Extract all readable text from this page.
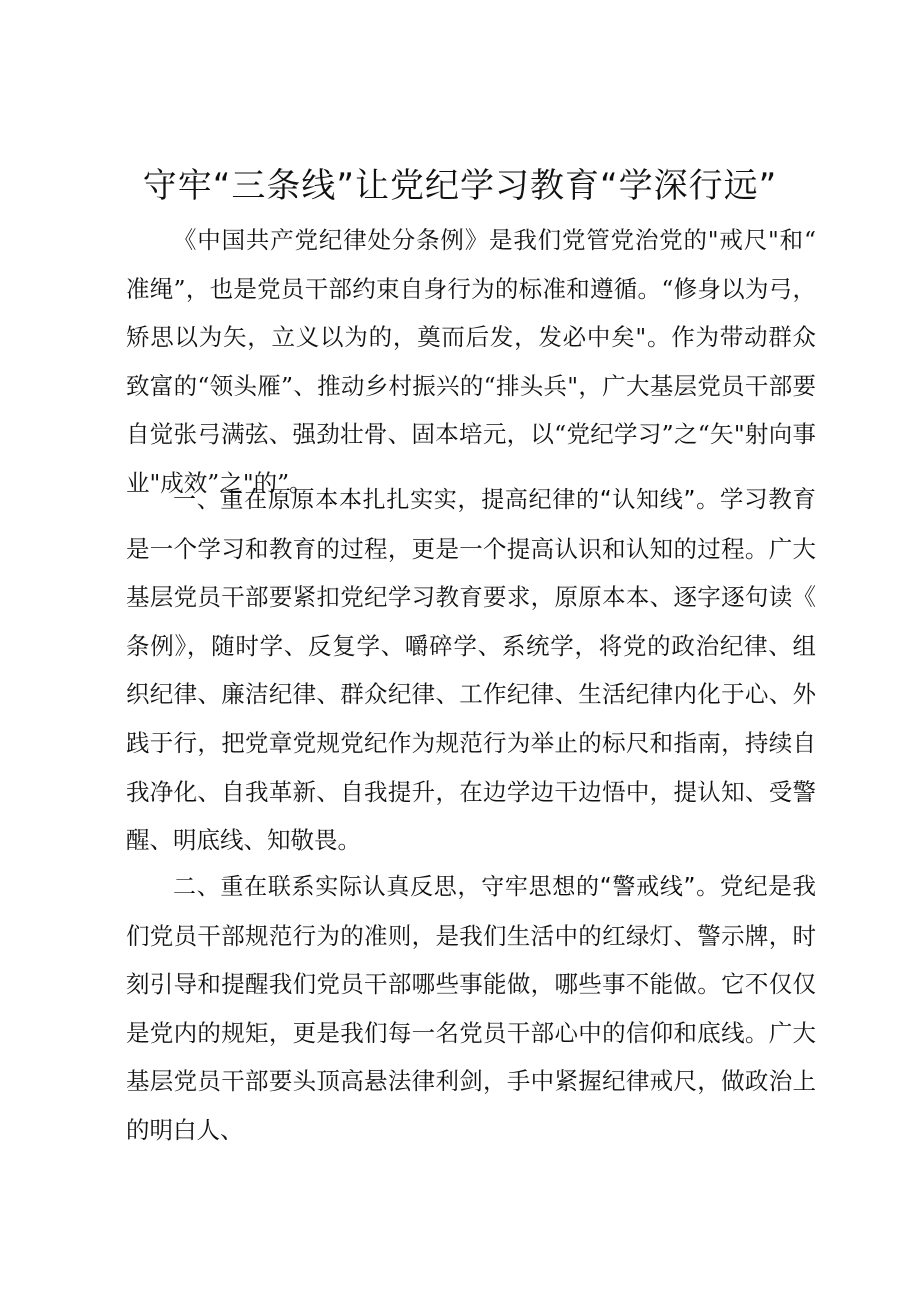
守牢“三条线”让党纪学习教育“学深行远”
《中国共产党纪律处分条例》是我们党管党治党的"戒尺"和“准绳”，也是党员干部约束自身行为的标准和遵循。“修身以为弓，矫思以为矢，立义以为的，奠而后发，发必中矣"。作为带动群众致富的“领头雁”、推动乡村振兴的“排头兵"，广大基层党员干部要自觉张弓满弦、强劲壮骨、固本培元，以“党纪学习”之“矢"射向事业"成效”之"的”。
一、重在原原本本扎扎实实，提高纪律的“认知线”。学习教育是一个学习和教育的过程，更是一个提高认识和认知的过程。广大基层党员干部要紧扣党纪学习教育要求，原原本本、逐字逐句读《条例》，随时学、反复学、嚼碎学、系统学，将党的政治纪律、组织纪律、廉洁纪律、群众纪律、工作纪律、生活纪律内化于心、外践于行，把党章党规党纪作为规范行为举止的标尺和指南，持续自我净化、自我革新、自我提升，在边学边干边悟中，提认知、受警醒、明底线、知敬畏。
二、重在联系实际认真反思，守牢思想的“警戒线”。党纪是我们党员干部规范行为的准则，是我们生活中的红绿灯、警示牌，时刻引导和提醒我们党员干部哪些事能做，哪些事不能做。它不仅仅是党内的规矩，更是我们每一名党员干部心中的信仰和底线。广大基层党员干部要头顶高悬法律利剑，手中紧握纪律戒尺，做政治上的明白人、
